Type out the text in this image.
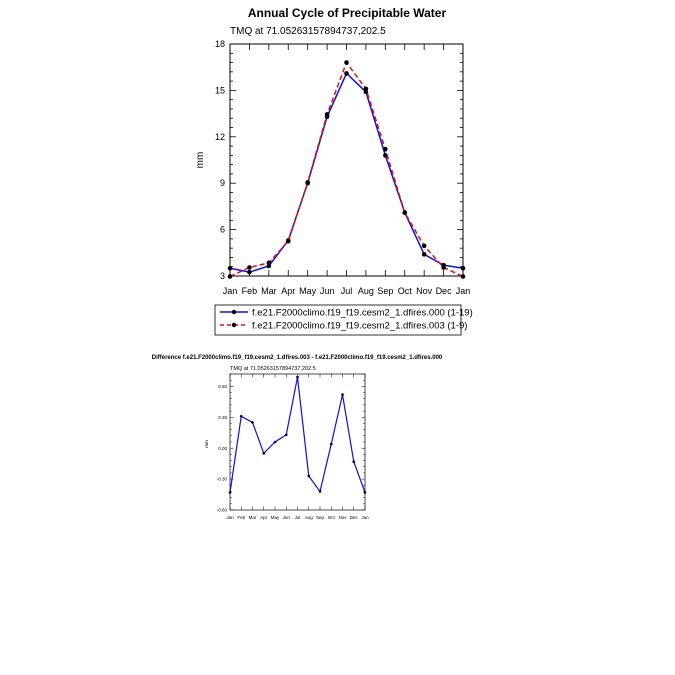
Annual Cycle of Precipitable Water
TMQ at 71.05263157894737,202.5
mm
Jan Feb Mar Apr May Jun Jul Aug Sep Oct Nov Dec Jan
3
6
9
12
15
18
f.e21.F2000climo.f19_f19.cesm2_1.dfires.000 (1-19)
f.e21.F2000climo.f19_f19.cesm2_1.dfires.003 (1-9)
Difference f.e21.F2000climo.f19_f19.cesm2_1.dfires.003 - f.e21.F2000climo.f19_f19.cesm2_1.dfires.000
TMQ at 71.05263157894737,202.5
mm
Jan Feb Mar Apr May Jun Jul Aug Sep Oct Nov Dec Jan
-0.60
-0.30
0.00
0.30
0.60
